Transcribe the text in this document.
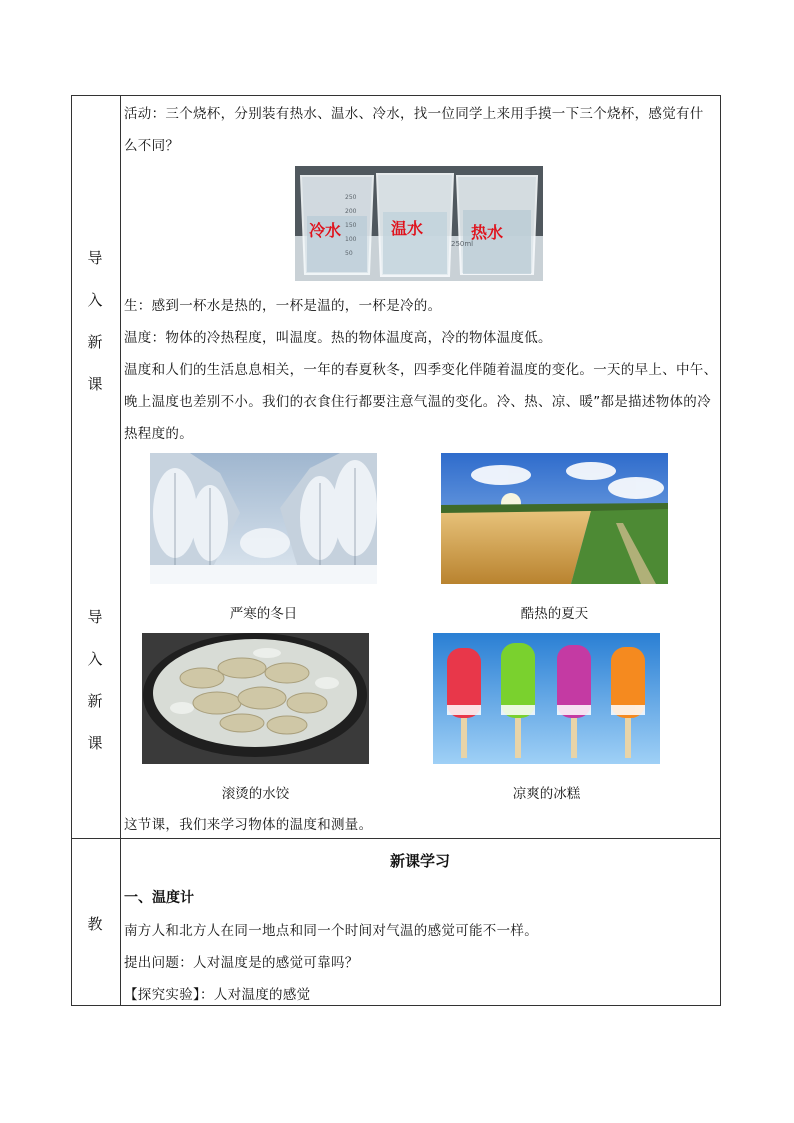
导
入
新
课
导
入
新
课
活动：三个烧杯，分别装有热水、温水、冷水，找一位同学上来用手摸一下三个烧杯，感觉有什
么不同？
250
200
150
100
50
250ml
冷水	温水	热水
生：感到一杯水是热的，一杯是温的，一杯是冷的。
温度：物体的冷热程度，叫温度。热的物体温度高，冷的物体温度低。
温度和人们的生活息息相关，一年的春夏秋冬，四季变化伴随着温度的变化。一天的早上、中午、
晚上温度也差别不小。我们的衣食住行都要注意气温的变化。冷、热、凉、暖”都是描述物体的冷
热程度的。
严寒的冬日	酷热的夏天
滚烫的水饺	凉爽的冰糕
这节课，我们来学习物体的温度和测量。
教
新课学习
一、温度计
南方人和北方人在同一地点和同一个时间对气温的感觉可能不一样。
提出问题：人对温度是的感觉可靠吗？
【探究实验】：人对温度的感觉
